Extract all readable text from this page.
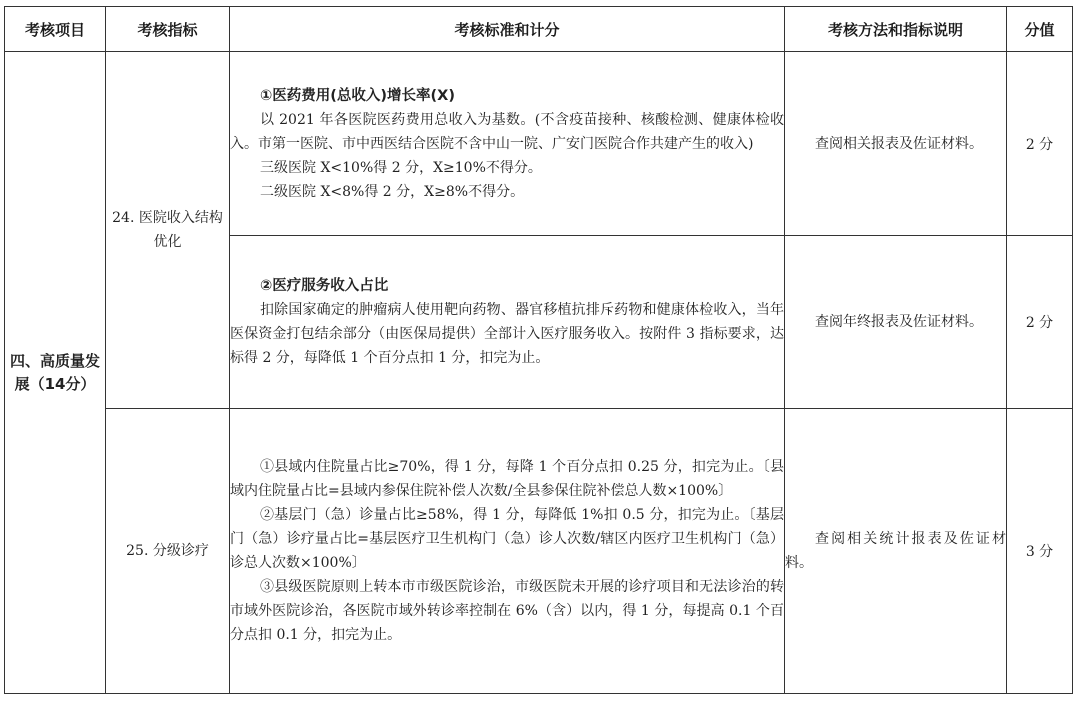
考核项目	考核指标	考核标准和计分	考核方法和指标说明	分值
四、高质量发展（14分）	24. 医院收入结构优化	①医药费用(总收入)增长率(X)

以 2021 年各医院医药费用总收入为基数。(不含疫苗接种、核酸检测、健康体检收入。市第一医院、市中西医结合医院不含中山一院、广安门医院合作共建产生的收入)

三级医院 X<10%得 2 分，X≥10%不得分。
二级医院 X<8%得 2 分，X≥8%不得分。	查阅相关报表及佐证材料。	2 分

		②医疗服务收入占比

扣除国家确定的肿瘤病人使用靶向药物、器官移植抗排斥药物和健康体检收入，当年医保资金打包结余部分（由医保局提供）全部计入医疗服务收入。按附件 3 指标要求，达标得 2 分，每降低 1 个百分点扣 1 分，扣完为止。	查阅年终报表及佐证材料。	2 分
	25. 分级诊疗	①县域内住院量占比≥70%，得 1 分，每降 1 个百分点扣 0.25 分，扣完为止。〔县域内住院量占比=县域内参保住院补偿人次数/全县参保住院补偿总人数×100%〕

②基层门（急）诊量占比≥58%，得 1 分，每降低 1%扣 0.5 分，扣完为止。〔基层门（急）诊疗量占比=基层医疗卫生机构门（急）诊人次数/辖区内医疗卫生机构门（急）诊总人次数×100%〕

③县级医院原则上转本市市级医院诊治，市级医院未开展的诊疗项目和无法诊治的转市域外医院诊治，各医院市域外转诊率控制在 6%（含）以内，得 1 分，每提高 0.1 个百分点扣 0.1 分，扣完为止。	查阅相关统计报表及佐证材料。	3 分
